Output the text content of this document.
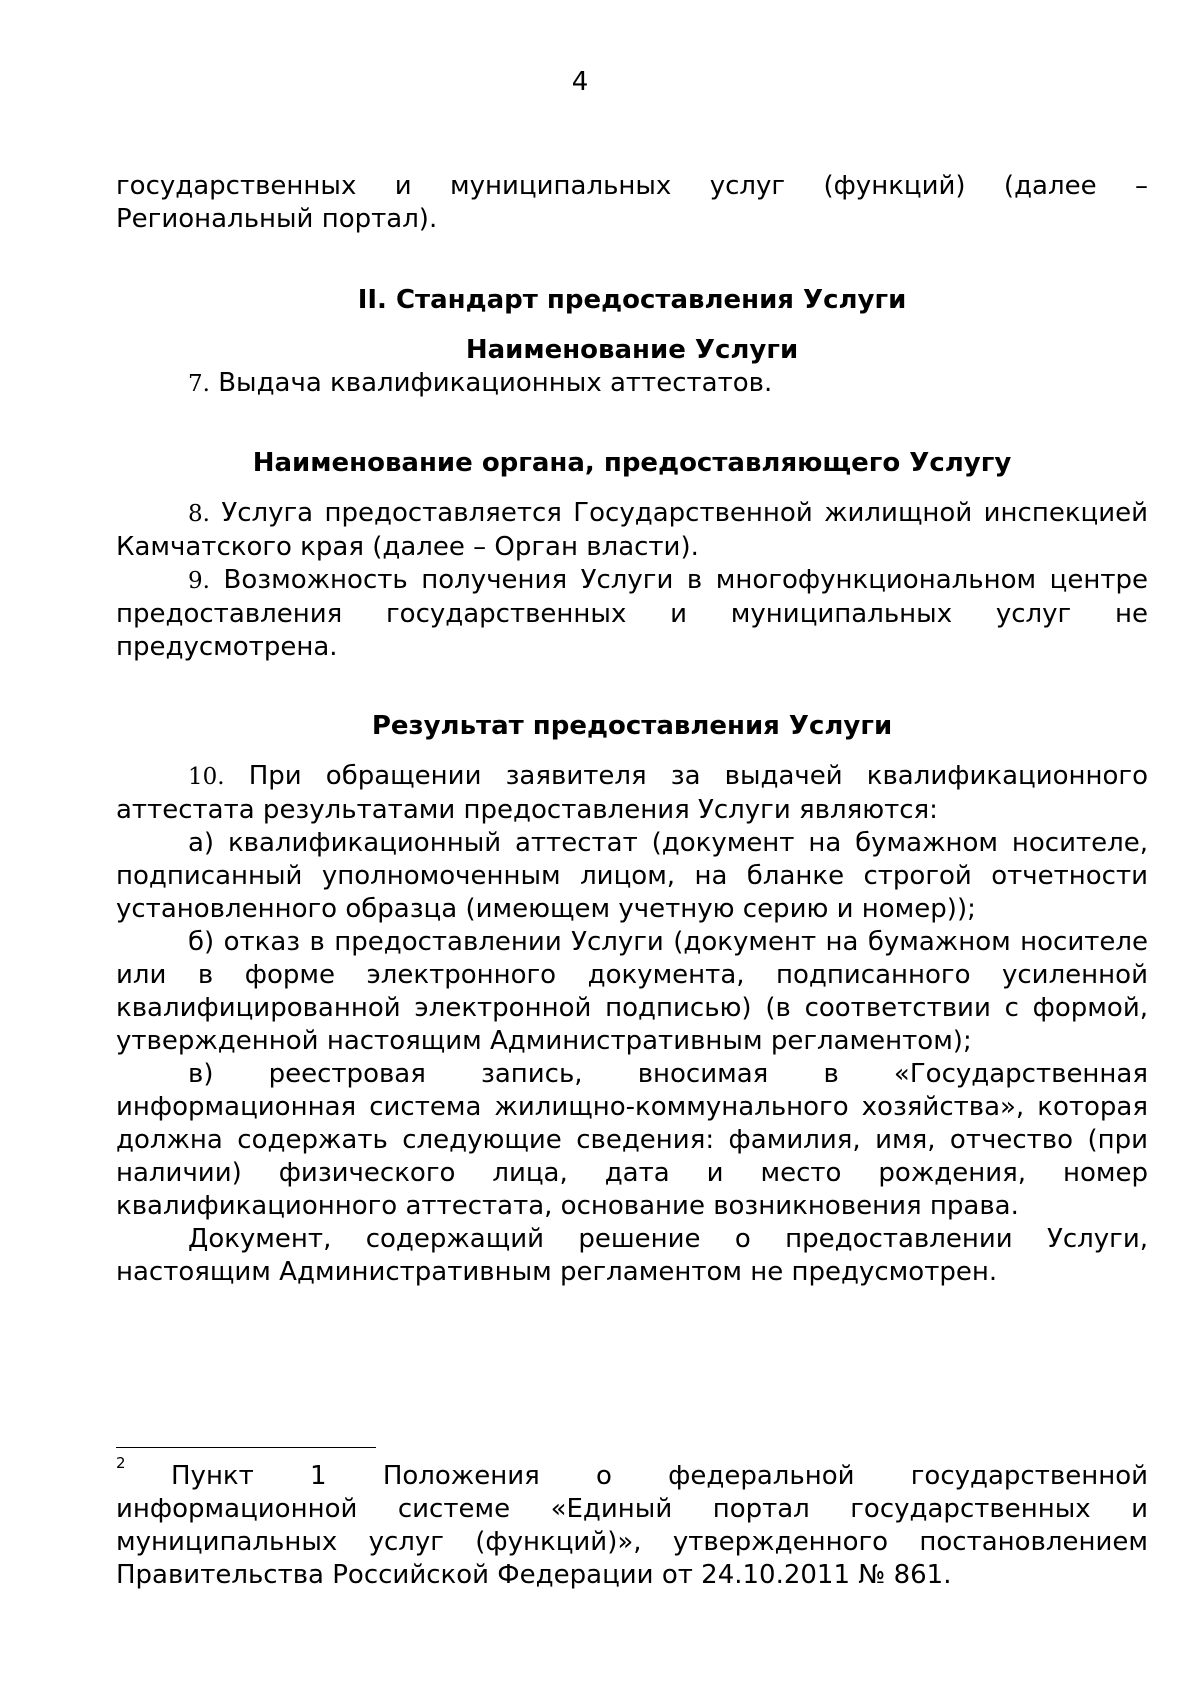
4

государственных и муниципальных услуг (функций) (далее – Региональный портал).

II. Стандарт предоставления Услуги
Наименование Услуги

7. Выдача квалификационных аттестатов.

Наименование органа, предоставляющего Услугу

8. Услуга предоставляется Государственной жилищной инспекцией Камчатского края (далее – Орган власти).

9. Возможность получения Услуги в многофункциональном центре предоставления государственных и муниципальных услуг не предусмотрена.

Результат предоставления Услуги

10. При обращении заявителя за выдачей квалификационного аттестата результатами предоставления Услуги являются:

а) квалификационный аттестат (документ на бумажном носителе, подписанный уполномоченным лицом, на бланке строгой отчетности установленного образца (имеющем учетную серию и номер));

б) отказ в предоставлении Услуги (документ на бумажном носителе или в форме электронного документа, подписанного усиленной квалифицированной электронной подписью) (в соответствии с формой, утвержденной настоящим Административным регламентом);

в) реестровая запись, вносимая в «Государственная информационная система жилищно-коммунального хозяйства», которая должна содержать следующие сведения: фамилия, имя, отчество (при наличии) физического лица, дата и место рождения, номер квалификационного аттестата, основание возникновения права.

Документ, содержащий решение о предоставлении Услуги, настоящим Административным регламентом не предусмотрен.

2	Пункт 1 Положения о федеральной государственной информационной системе «Единый портал государственных и муниципальных услуг (функций)», утвержденного постановлением Правительства Российской Федерации от 24.10.2011 № 861.
